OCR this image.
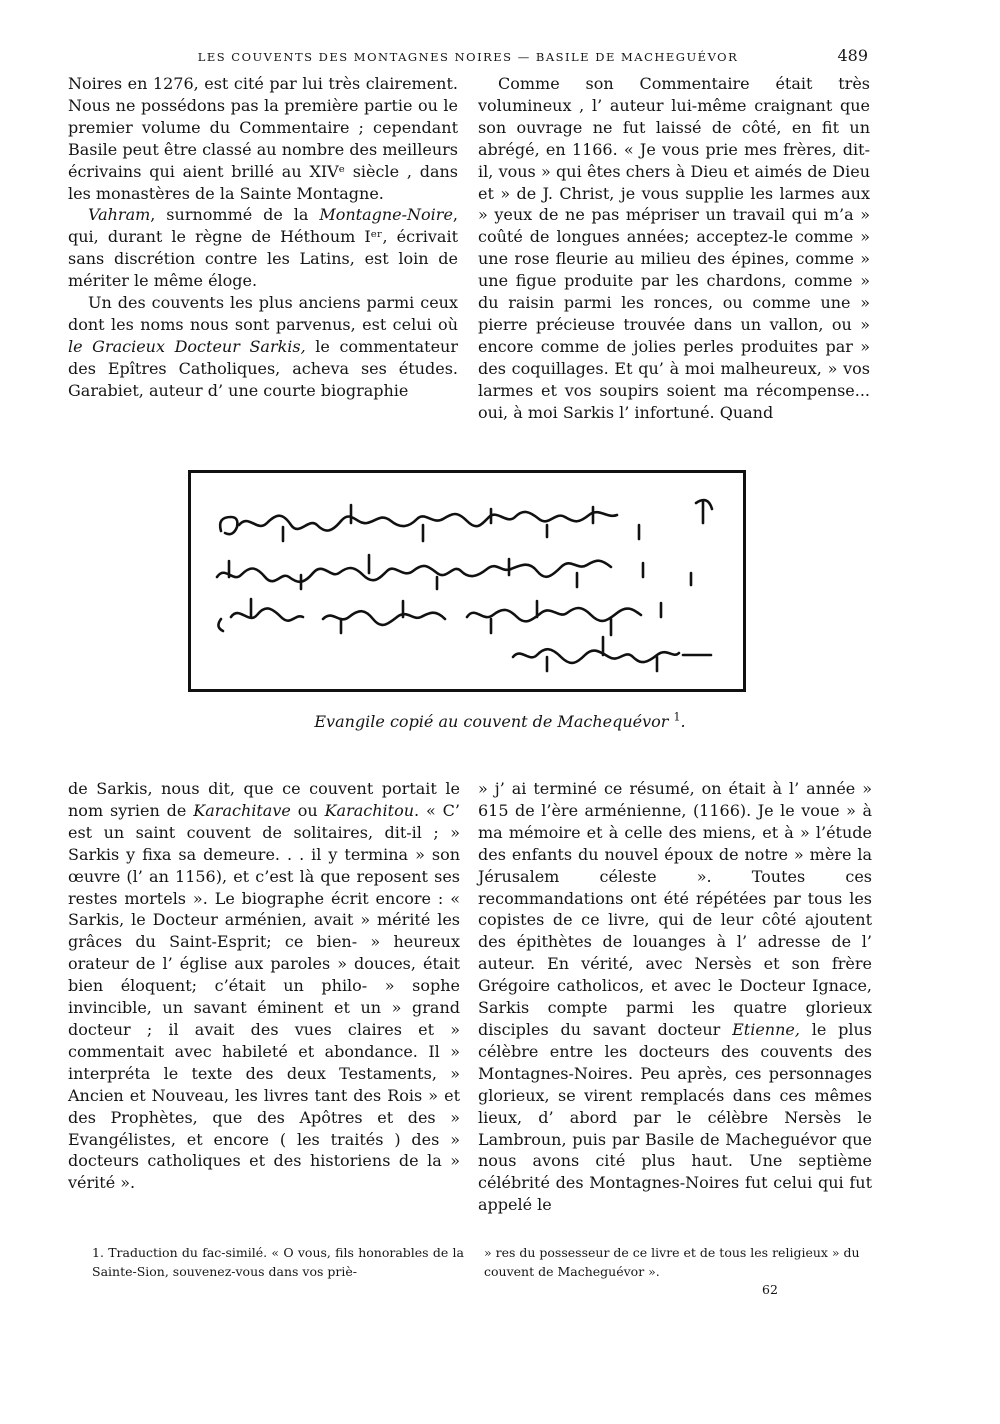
LES COUVENTS DES MONTAGNES NOIRES — BASILE DE MACHEGUÉVOR	489

Noires en 1276, est cité par lui très clairement. Nous ne possédons pas la première partie ou le premier volume du Commentaire ; cependant Basile peut être classé au nombre des meilleurs écrivains qui aient brillé au XIVᵉ siècle , dans les monastères de la Sainte Montagne.

Vahram, surnommé de la Montagne-Noire, qui, durant le règne de Héthoum Iᵉʳ, écrivait sans discrétion contre les Latins, est loin de mériter le même éloge.

Un des couvents les plus anciens parmi ceux dont les noms nous sont parvenus, est celui où le Gracieux Docteur Sarkis, le commentateur des Epîtres Catholiques, acheva ses études. Garabiet, auteur d’ une courte biographie

Comme son Commentaire était très volumineux , l’ auteur lui-même craignant que son ouvrage ne fut laissé de côté, en fit un abrégé, en 1166. « Je vous prie mes frères, dit-il, vous » qui êtes chers à Dieu et aimés de Dieu et » de J. Christ, je vous supplie les larmes aux » yeux de ne pas mépriser un travail qui m’a » coûté de longues années; acceptez-le comme » une rose fleurie au milieu des épines, comme » une figue produite par les chardons, comme » du raisin parmi les ronces, ou comme une » pierre précieuse trouvée dans un vallon, ou » encore comme de jolies perles produites par » des coquillages. Et qu’ à moi malheureux, » vos larmes et vos soupirs soient ma récompense... oui, à moi Sarkis l’ infortuné. Quand

Evangile copié au couvent de Machequévor $^1$.

de Sarkis, nous dit, que ce couvent portait le nom syrien de Karachitave ou Karachitou. « C’ est un saint couvent de solitaires, dit-il ; » Sarkis y fixa sa demeure. . . il y termina » son œuvre (l’ an 1156), et c’est là que reposent ses restes mortels ». Le biographe écrit encore : « Sarkis, le Docteur arménien, avait » mérité les grâces du Saint-Esprit; ce bien- » heureux orateur de l’ église aux paroles » douces, était bien éloquent; c’était un philo- » sophe invincible, un savant éminent et un » grand docteur ; il avait des vues claires et » commentait avec habileté et abondance. Il » interpréta le texte des deux Testaments, » Ancien et Nouveau, les livres tant des Rois » et des Prophètes, que des Apôtres et des » Evangélistes, et encore ( les traités ) des » docteurs catholiques et des historiens de la » vérité ».

» j’ ai terminé ce résumé, on était à l’ année » 615 de l’ère arménienne, (1166). Je le voue » à ma mémoire et à celle des miens, et à » l’étude des enfants du nouvel époux de notre » mère la Jérusalem céleste ». Toutes ces recommandations ont été répétées par tous les copistes de ce livre, qui de leur côté ajoutent des épithètes de louanges à l’ adresse de l’ auteur. En vérité, avec Nersès et son frère Grégoire catholicos, et avec le Docteur Ignace, Sarkis compte parmi les quatre glorieux disciples du savant docteur Etienne, le plus célèbre entre les docteurs des couvents des Montagnes-Noires. Peu après, ces personnages glorieux, se virent remplacés dans ces mêmes lieux, d’ abord par le célèbre Nersès le Lambroun, puis par Basile de Macheguévor que nous avons cité plus haut. Une septième célébrité des Montagnes-Noires fut celui qui fut appelé le

1. Traduction du fac-similé. « O vous, fils honorables de la Sainte-Sion, souvenez-vous dans vos priè-
» res du possesseur de ce livre et de tous les religieux » du couvent de Macheguévor ».
62
